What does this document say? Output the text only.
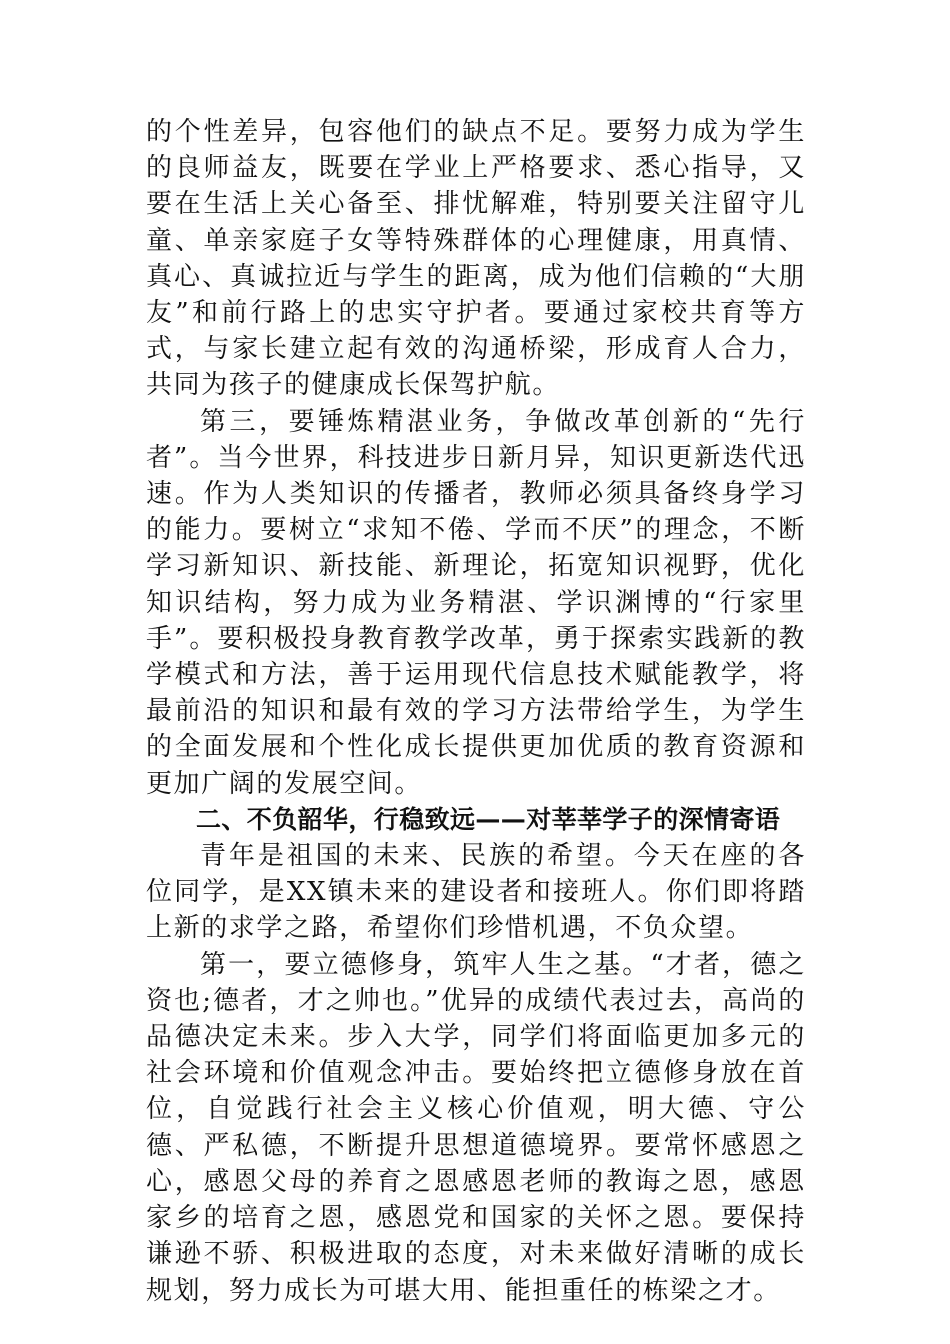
的个性差异，包容他们的缺点不足。要努力成为学生的良师益友，既要在学业上严格要求、悉心指导，又要在生活上关心备至、排忧解难，特别要关注留守儿童、单亲家庭子女等特殊群体的心理健康，用真情、真心、真诚拉近与学生的距离，成为他们信赖的“大朋友”和前行路上的忠实守护者。要通过家校共育等方式，与家长建立起有效的沟通桥梁，形成育人合力，共同为孩子的健康成长保驾护航。

第三，要锤炼精湛业务，争做改革创新的“先行者”。当今世界，科技进步日新月异，知识更新迭代迅速。作为人类知识的传播者，教师必须具备终身学习的能力。要树立“求知不倦、学而不厌”的理念，不断学习新知识、新技能、新理论，拓宽知识视野，优化知识结构，努力成为业务精湛、学识渊博的“行家里手”。要积极投身教育教学改革，勇于探索实践新的教学模式和方法，善于运用现代信息技术赋能教学，将最前沿的知识和最有效的学习方法带给学生，为学生的全面发展和个性化成长提供更加优质的教育资源和更加广阔的发展空间。

二、不负韶华，行稳致远——对莘莘学子的深情寄语

青年是祖国的未来、民族的希望。今天在座的各位同学，是XX镇未来的建设者和接班人。你们即将踏上新的求学之路，希望你们珍惜机遇，不负众望。

第一，要立德修身，筑牢人生之基。“才者，德之资也;德者，才之帅也。”优异的成绩代表过去，高尚的品德决定未来。步入大学，同学们将面临更加多元的社会环境和价值观念冲击。要始终把立德修身放在首位，自觉践行社会主义核心价值观，明大德、守公德、严私德，不断提升思想道德境界。要常怀感恩之心，感恩父母的养育之恩感恩老师的教诲之恩，感恩家乡的培育之恩，感恩党和国家的关怀之恩。要保持谦逊不骄、积极进取的态度，对未来做好清晰的成长规划，努力成长为可堪大用、能担重任的栋梁之才。
